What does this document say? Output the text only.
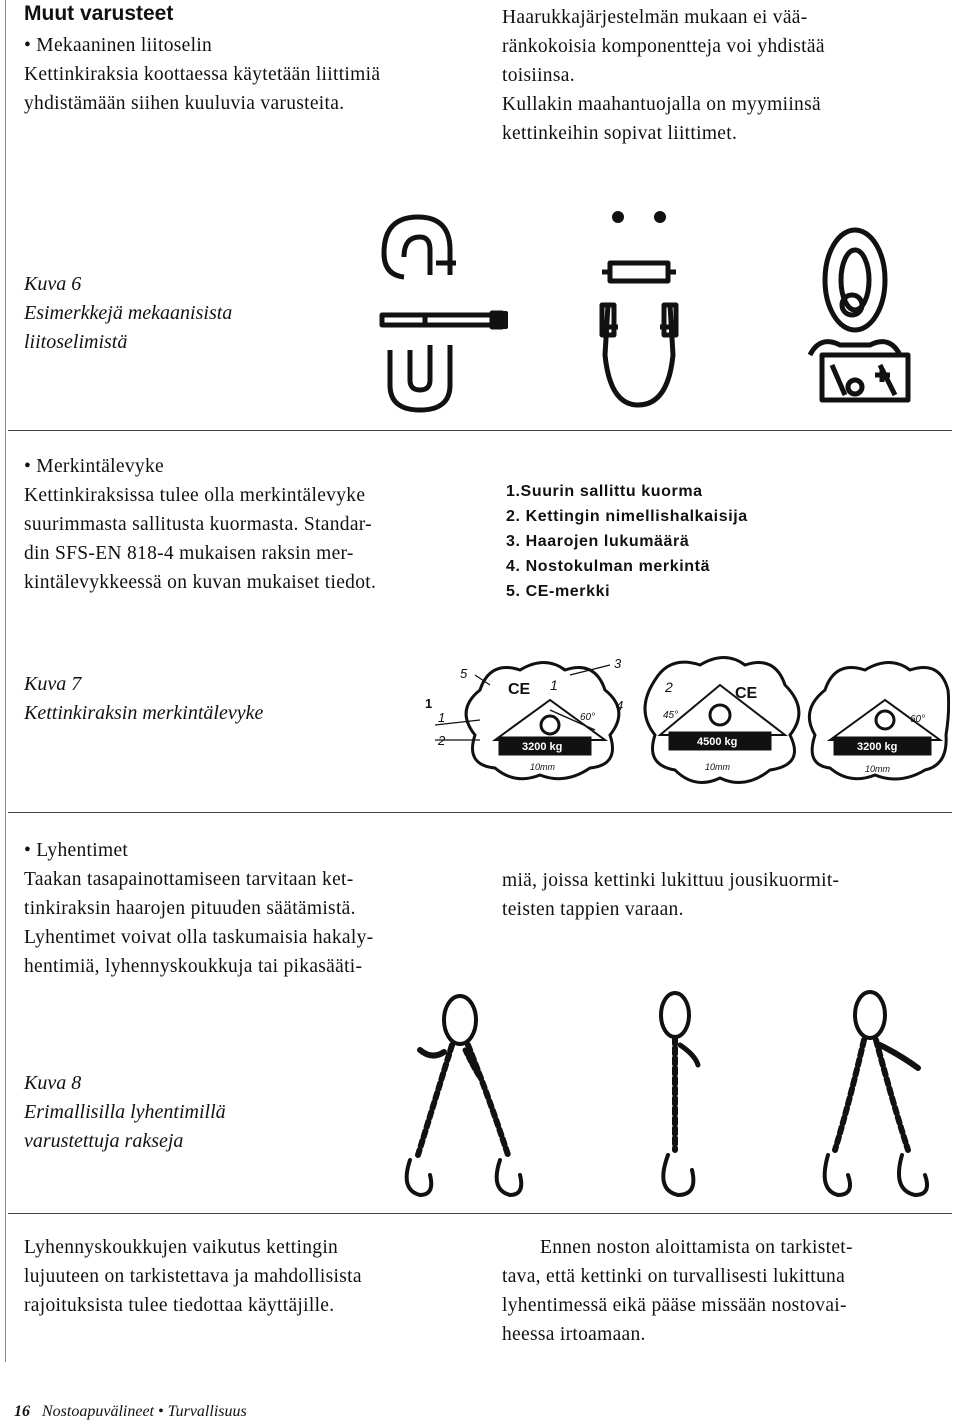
Muut varusteet
• Mekaaninen liitoselin
Kettinkiraksia koottaessa käytetään liittimiä
yhdistämään siihen kuuluvia varusteita.
Haarukkajärjestelmän mukaan ei vää-
ränkokoisia komponentteja voi yhdistää
toisiinsa.
Kullakin maahantuojalla on myymiinsä
kettinkeihin sopivat liittimet.
Kuva 6
Esimerkkejä mekaanisista
liitoselimistä
• Merkintälevyke
Kettinkiraksissa tulee olla merkintälevyke
suurimmasta sallitusta kuormasta. Standar-
din SFS-EN 818-4 mukaisen raksin mer-
kintälevykkeessä on kuvan mukaiset tiedot.
1.Suurin sallittu kuorma
2. Kettingin nimellishalkaisija
3. Haarojen lukumäärä
4. Nostokulman merkintä
5. CE-merkki
Kuva 7
Kettinkiraksin merkintälevyke
CE 1
60°
3200 kg
10mm
2	CE
45°
4500 kg
10mm
60°
3200 kg
10mm
5
3
4
1
2
1
• Lyhentimet
Taakan tasapainottamiseen tarvitaan ket-
tinkiraksin haarojen pituuden säätämistä.
Lyhentimet voivat olla taskumaisia hakaly-
hentimiä, lyhennyskoukkuja tai pikasääti-
miä, joissa kettinki lukittuu jousikuormit-
teisten tappien varaan.
Kuva 8
Erimallisilla lyhentimillä
varustettuja rakseja
Lyhennyskoukkujen vaikutus kettingin
lujuuteen on tarkistettava ja mahdollisista
rajoituksista tulee tiedottaa käyttäjille.
Ennen noston aloittamista on tarkistet-
tava, että kettinki on turvallisesti lukittuna
lyhentimessä eikä pääse missään nostovai-
heessa irtoamaan.
16 Nostoapuvälineet • Turvallisuus
